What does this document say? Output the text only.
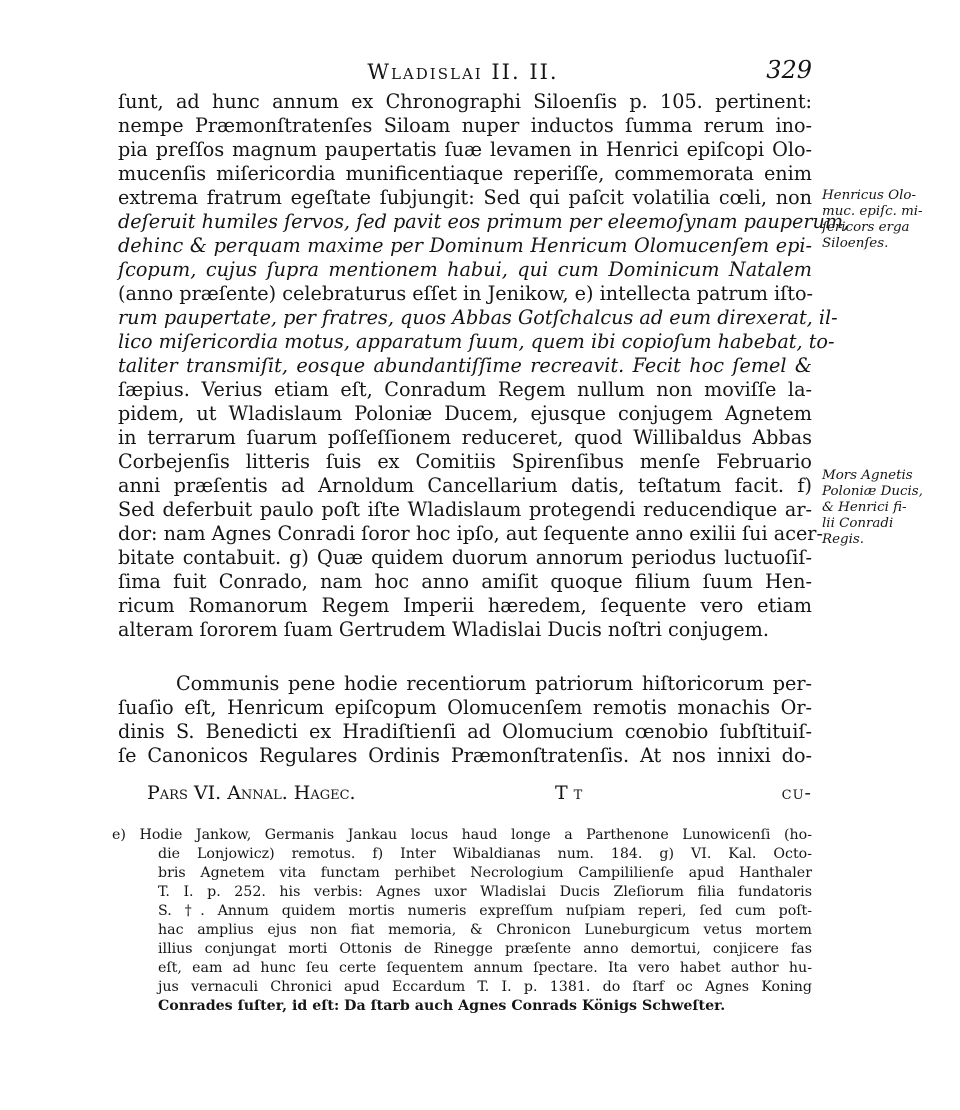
Wladislai II. II.	329
ſunt, ad hunc annum ex Chronographi Siloenſis p. 105. pertinent:
nempe Præmonſtratenſes Siloam nuper inductos ſumma rerum ino-
pia preſſos magnum paupertatis ſuæ levamen in Henrici epiſcopi Olo-
mucenſis miſericordia munificentiaque reperiſſe, commemorata enim
extrema fratrum egeſtate ſubjungit: Sed qui paſcit volatilia cœli, non
deſeruit humiles ſervos, ſed pavit eos primum per eleemoſynam pauperum,
dehinc & perquam maxime per Dominum Henricum Olomucenſem epi-
ſcopum, cujus ſupra mentionem habui, qui cum Dominicum Natalem
(anno præſente) celebraturus eſſet in Jenikow, e) intellecta patrum iſto-
rum paupertate, per fratres, quos Abbas Gotſchalcus ad eum direxerat, il-
lico miſericordia motus, apparatum ſuum, quem ibi copioſum habebat, to-
taliter transmiſit, eosque abundantiſſime recreavit. Fecit hoc ſemel &
ſæpius. Verius etiam eſt, Conradum Regem nullum non moviſſe la-
pidem, ut Wladislaum Poloniæ Ducem, ejusque conjugem Agnetem
in terrarum ſuarum poſſeſſionem reduceret, quod Willibaldus Abbas
Corbejenſis litteris ſuis ex Comitiis Spirenſibus menſe Februario
anni præſentis ad Arnoldum Cancellarium datis, teſtatum facit. f)
Sed deferbuit paulo poſt iſte Wladislaum protegendi reducendique ar-
dor: nam Agnes Conradi ſoror hoc ipſo, aut ſequente anno exilii ſui acer-
bitate contabuit. g) Quæ quidem duorum annorum periodus luctuoſiſ-
ſima fuit Conrado, nam hoc anno amiſit quoque filium ſuum Hen-
ricum Romanorum Regem Imperii hæredem, ſequente vero etiam
alteram ſororem ſuam Gertrudem Wladislai Ducis noſtri conjugem.
Communis pene hodie recentiorum patriorum hiſtoricorum per-
ſuaſio eſt, Henricum epiſcopum Olomucenſem remotis monachis Or-
dinis S. Benedicti ex Hradiſtienſi ad Olomucium cœnobio ſubſtituiſ-
ſe Canonicos Regulares Ordinis Præmonſtratenſis. At nos innixi do-
Pars VI. Annal. Hagec.	T t	cu-
e) Hodie Jankow, Germanis Jankau locus haud longe a Parthenone Lunowicenſi (ho-
die Lonjowicz) remotus. f) Inter Wibaldianas num. 184. g) VI. Kal. Octo-
bris Agnetem vita functam perhibet Necrologium Campililienſe apud Hanthaler
T. I. p. 252. his verbis: Agnes uxor Wladislai Ducis Zleſiorum filia fundatoris
S. †. Annum quidem mortis numeris expreſſum nuſpiam reperi, ſed cum poſt-
hac amplius ejus non fiat memoria, & Chronicon Luneburgicum vetus mortem
illius conjungat morti Ottonis de Rinegge præſente anno demortui, conjicere fas
eſt, eam ad hunc ſeu certe ſequentem annum ſpectare. Ita vero habet author hu-
jus vernaculi Chronici apud Eccardum T. I. p. 1381. do ſtarf oc Agnes Koning
Conrades ſuſter, id eſt: Da ſtarb auch Agnes Conrads Königs Schweſter.
Henricus Olo-
muc. epiſc. mi-
ſericors erga
Siloenſes.
Mors Agnetis
Poloniæ Ducis,
& Henrici fi-
lii Conradi
Regis.
